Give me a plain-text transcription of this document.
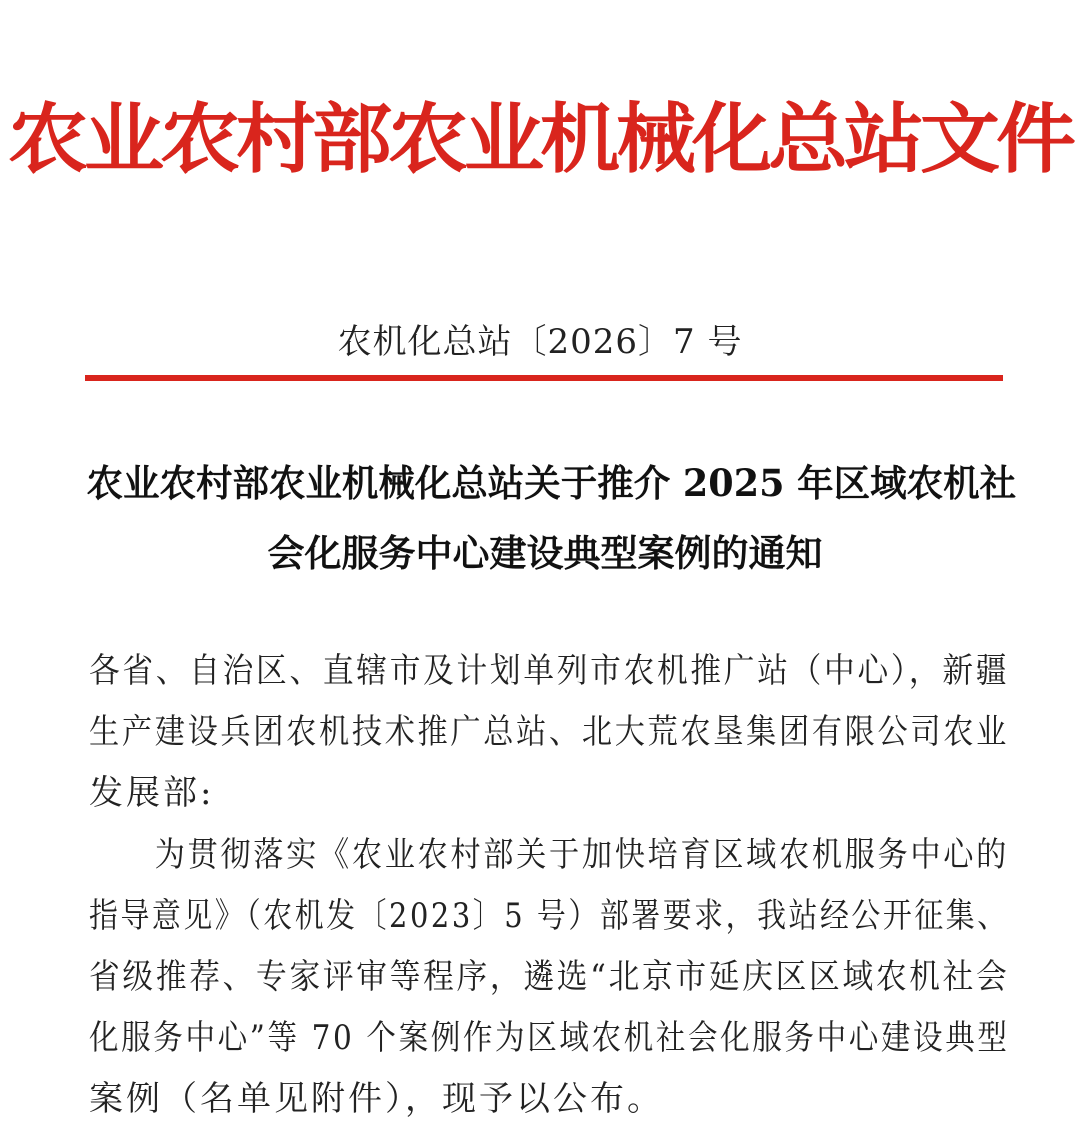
农业农村部农业机械化总站文件
农机化总站〔2026〕7 号
农业农村部农业机械化总站关于推介 2025 年区域农机社
会化服务中心建设典型案例的通知
各省、自治区、直辖市及计划单列市农机推广站（中心），新疆
生产建设兵团农机技术推广总站、北大荒农垦集团有限公司农业
发展部:
　　为贯彻落实《农业农村部关于加快培育区域农机服务中心的
指导意见》（农机发〔2023〕5 号）部署要求，我站经公开征集、
省级推荐、专家评审等程序，遴选“北京市延庆区区域农机社会
化服务中心”等 70 个案例作为区域农机社会化服务中心建设典型
案例（名单见附件），现予以公布。
